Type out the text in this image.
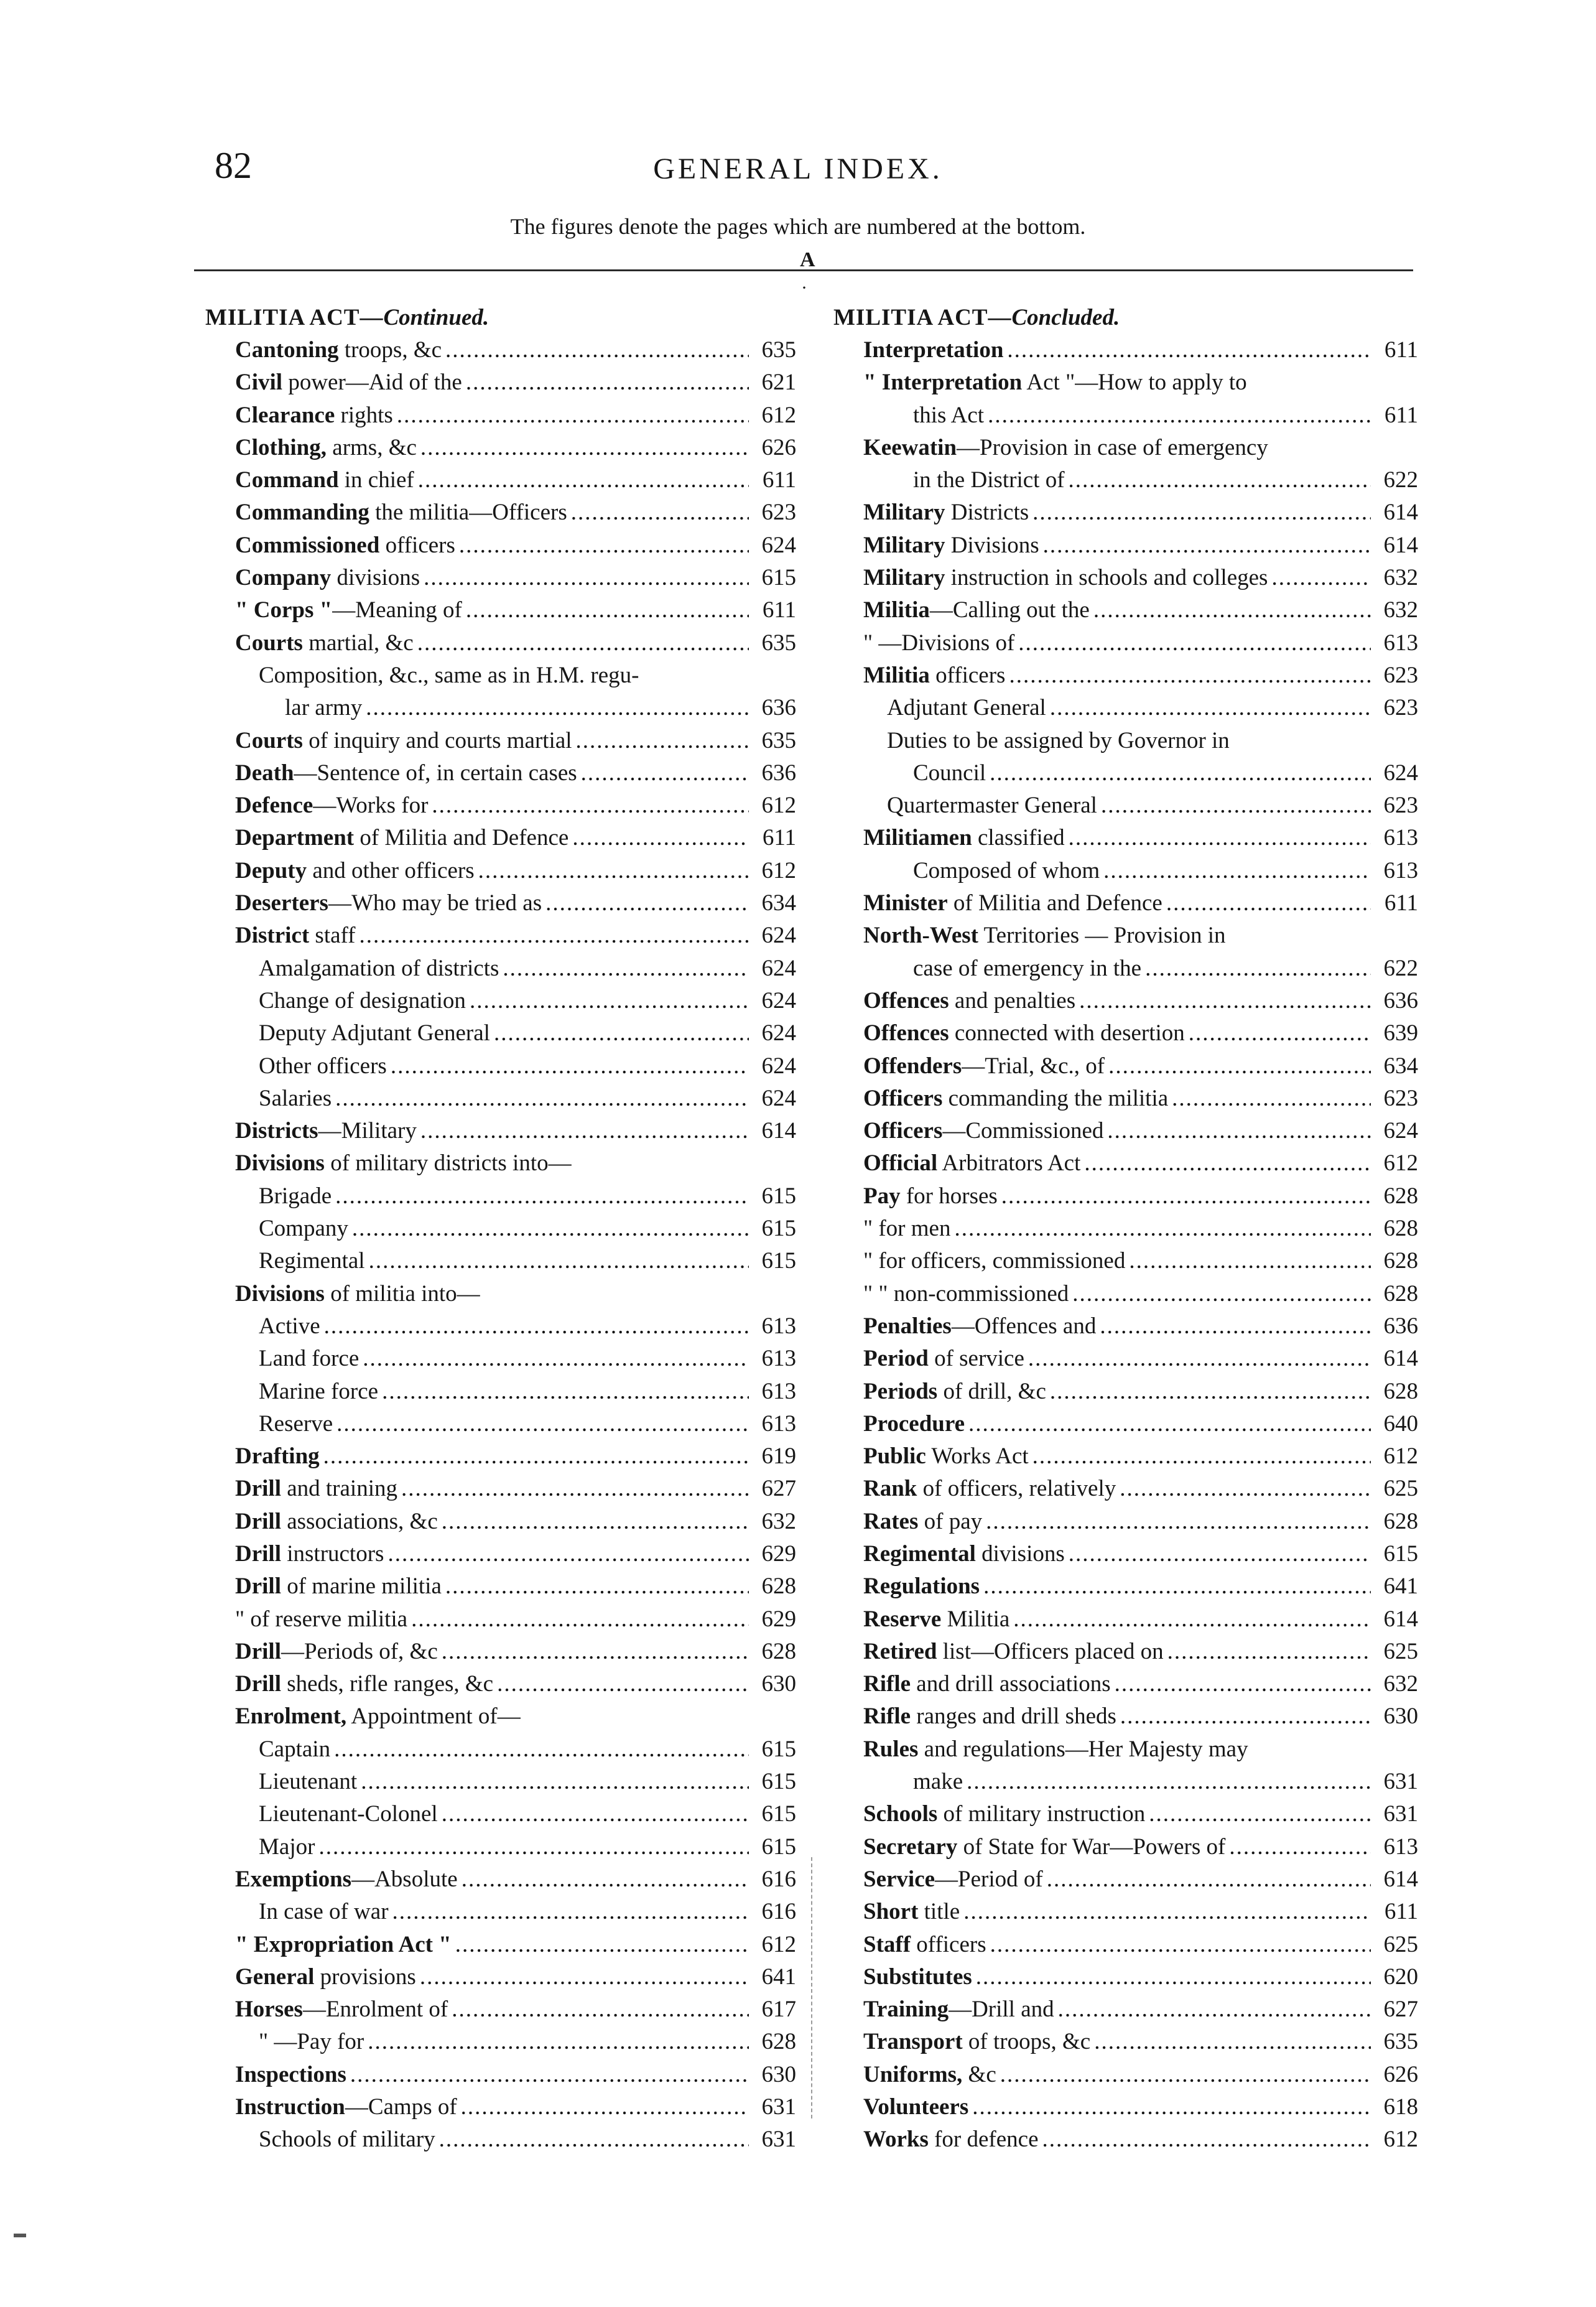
82	GENERAL INDEX.
The figures denote the pages which are numbered at the bottom.
A
·
MILITIA ACT—Continued.
Cantoning troops, &c .....	635
Civil power—Aid of the .....	621
Clearance rights .....	612
Clothing, arms, &c .....	626
Command in chief .....	611
Commanding the militia—Officers .....	623
Commissioned officers .....	624
Company divisions .....	615
" Corps "—Meaning of .....	611
Courts martial, &c .....	635
Composition, &c., same as in H.M. regu-
lar army .....	636
Courts of inquiry and courts martial .....	635
Death—Sentence of, in certain cases .....	636
Defence—Works for .....	612
Department of Militia and Defence .....	611
Deputy and other officers .....	612
Deserters—Who may be tried as .....	634
District staff .....	624
Amalgamation of districts .....	624
Change of designation .....	624
Deputy Adjutant General .....	624
Other officers .....	624
Salaries .....	624
Districts—Military .....	614
Divisions of military districts into—
Brigade .....	615
Company .....	615
Regimental .....	615
Divisions of militia into—
Active .....	613
Land force .....	613
Marine force .....	613
Reserve .....	613
Drafting .....	619
Drill and training .....	627
Drill associations, &c .....	632
Drill instructors .....	629
Drill of marine militia .....	628
" of reserve militia .....	629
Drill—Periods of, &c .....	628
Drill sheds, rifle ranges, &c .....	630
Enrolment, Appointment of—
Captain .....	615
Lieutenant .....	615
Lieutenant-Colonel .....	615
Major .....	615
Exemptions—Absolute .....	616
In case of war .....	616
" Expropriation Act " .....	612
General provisions .....	641
Horses—Enrolment of .....	617
" —Pay for .....	628
Inspections .....	630
Instruction—Camps of .....	631
Schools of military .....	631
MILITIA ACT—Concluded.
Interpretation .....	611
" Interpretation Act "—How to apply to
this Act .....	611
Keewatin—Provision in case of emergency
in the District of .....	622
Military Districts .....	614
Military Divisions .....	614
Military instruction in schools and colleges .....	632
Militia—Calling out the .....	632
" —Divisions of .....	613
Militia officers .....	623
Adjutant General .....	623
Duties to be assigned by Governor in
Council .....	624
Quartermaster General .....	623
Militiamen classified .....	613
Composed of whom .....	613
Minister of Militia and Defence .....	611
North-West Territories — Provision in
case of emergency in the .....	622
Offences and penalties .....	636
Offences connected with desertion .....	639
Offenders—Trial, &c., of .....	634
Officers commanding the militia .....	623
Officers—Commissioned .....	624
Official Arbitrators Act .....	612
Pay for horses .....	628
" for men .....	628
" for officers, commissioned .....	628
" " non-commissioned .....	628
Penalties—Offences and .....	636
Period of service .....	614
Periods of drill, &c .....	628
Procedure .....	640
Public Works Act .....	612
Rank of officers, relatively .....	625
Rates of pay .....	628
Regimental divisions .....	615
Regulations .....	641
Reserve Militia .....	614
Retired list—Officers placed on .....	625
Rifle and drill associations .....	632
Rifle ranges and drill sheds .....	630
Rules and regulations—Her Majesty may
make .....	631
Schools of military instruction .....	631
Secretary of State for War—Powers of .....	613
Service—Period of .....	614
Short title .....	611
Staff officers .....	625
Substitutes .....	620
Training—Drill and .....	627
Transport of troops, &c .....	635
Uniforms, &c .....	626
Volunteers .....	618
Works for defence .....	612
